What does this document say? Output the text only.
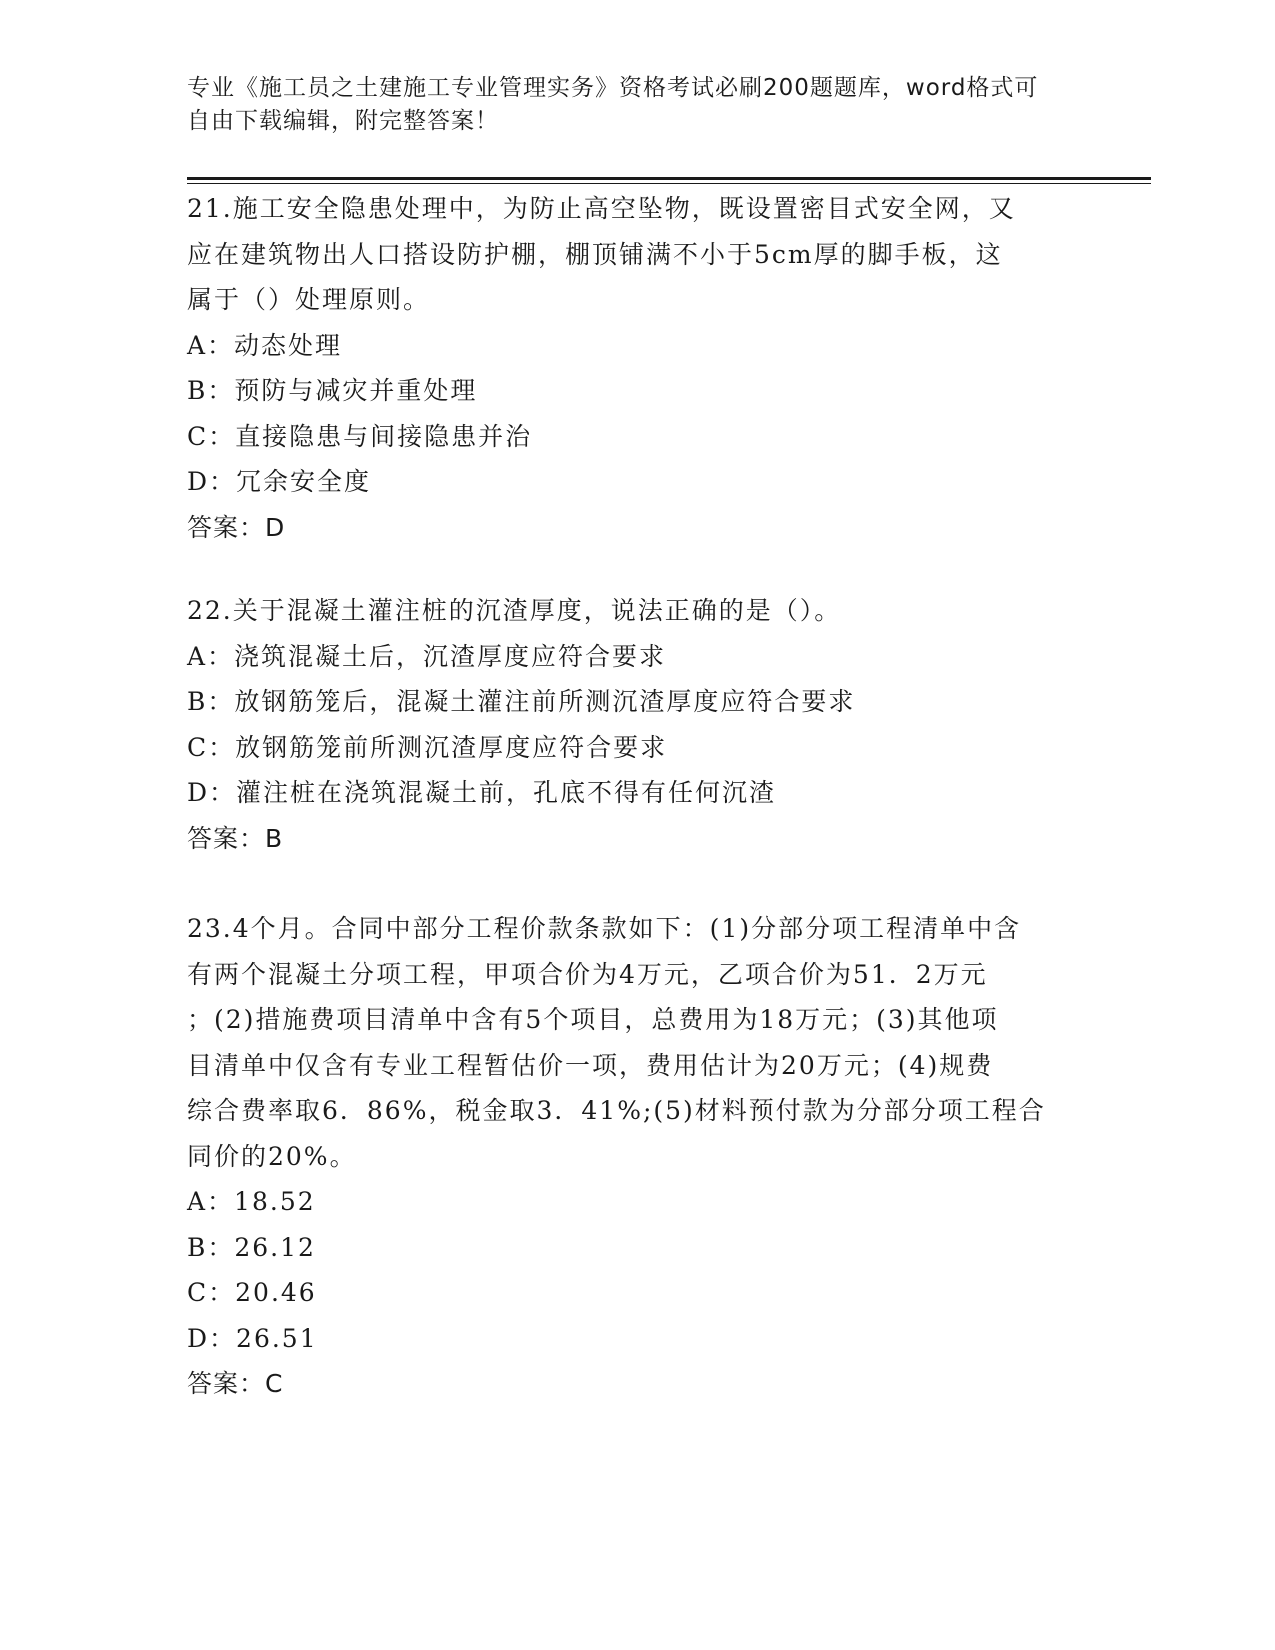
专业《施工员之土建施工专业管理实务》资格考试必刷200题题库，word格式可
自由下载编辑，附完整答案！

21.施工安全隐患处理中，为防止高空坠物，既设置密目式安全网，又

应在建筑物出人口搭设防护棚，棚顶铺满不小于5cm厚的脚手板，这

属于（）处理原则。

A：动态处理

B：预防与减灾并重处理

C：直接隐患与间接隐患并治

D：冗余安全度

答案：D

22.关于混凝土灌注桩的沉渣厚度，说法正确的是（）。

A：浇筑混凝土后，沉渣厚度应符合要求

B：放钢筋笼后，混凝土灌注前所测沉渣厚度应符合要求

C：放钢筋笼前所测沉渣厚度应符合要求

D：灌注桩在浇筑混凝土前，孔底不得有任何沉渣

答案：B

23.4个月。合同中部分工程价款条款如下：(1)分部分项工程清单中含

有两个混凝土分项工程，甲项合价为4万元，乙项合价为51．2万元

；(2)措施费项目清单中含有5个项目，总费用为18万元；(3)其他项

目清单中仅含有专业工程暂估价一项，费用估计为20万元；(4)规费

综合费率取6．86%，税金取3．41%;(5)材料预付款为分部分项工程合

同价的20%。

A：18.52

B：26.12

C：20.46

D：26.51

答案：C
